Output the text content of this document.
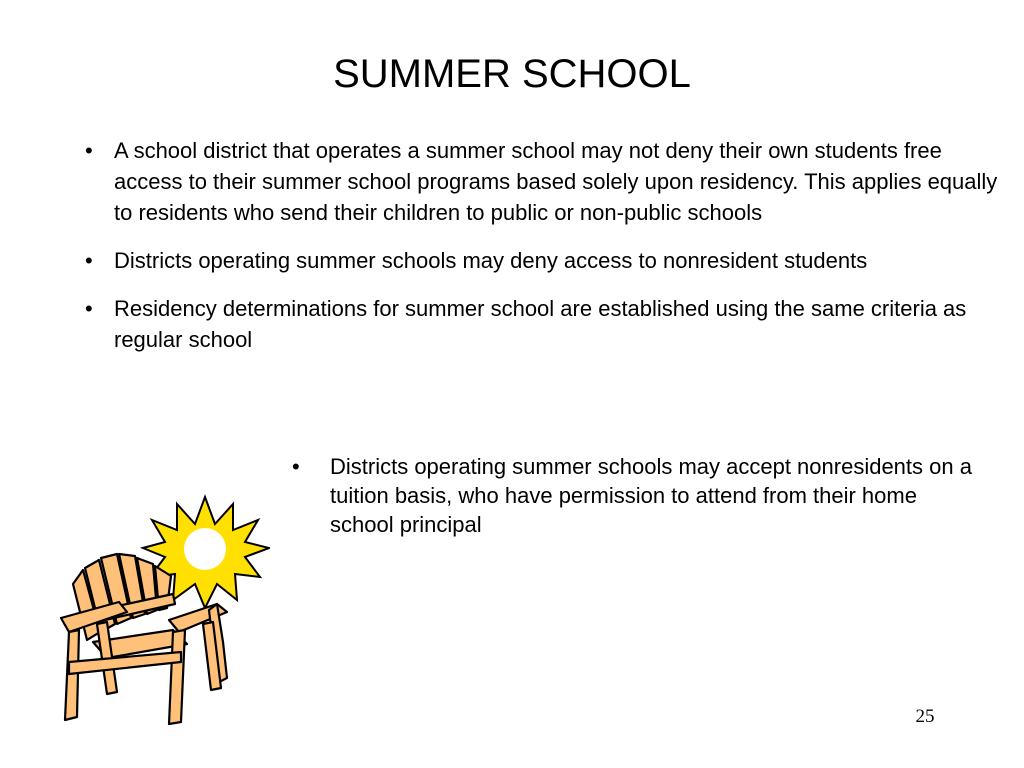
SUMMER SCHOOL
• A school district that operates a summer school may not deny their own students free access to their summer school programs based solely upon residency. This applies equally to residents who send their children to public or non-public schools
• Districts operating summer schools may deny access to nonresident students
• Residency determinations for summer school are established using the same criteria as regular school
•	Districts operating summer schools may accept nonresidents on a tuition basis, who have permission to attend from their home school principal
25
